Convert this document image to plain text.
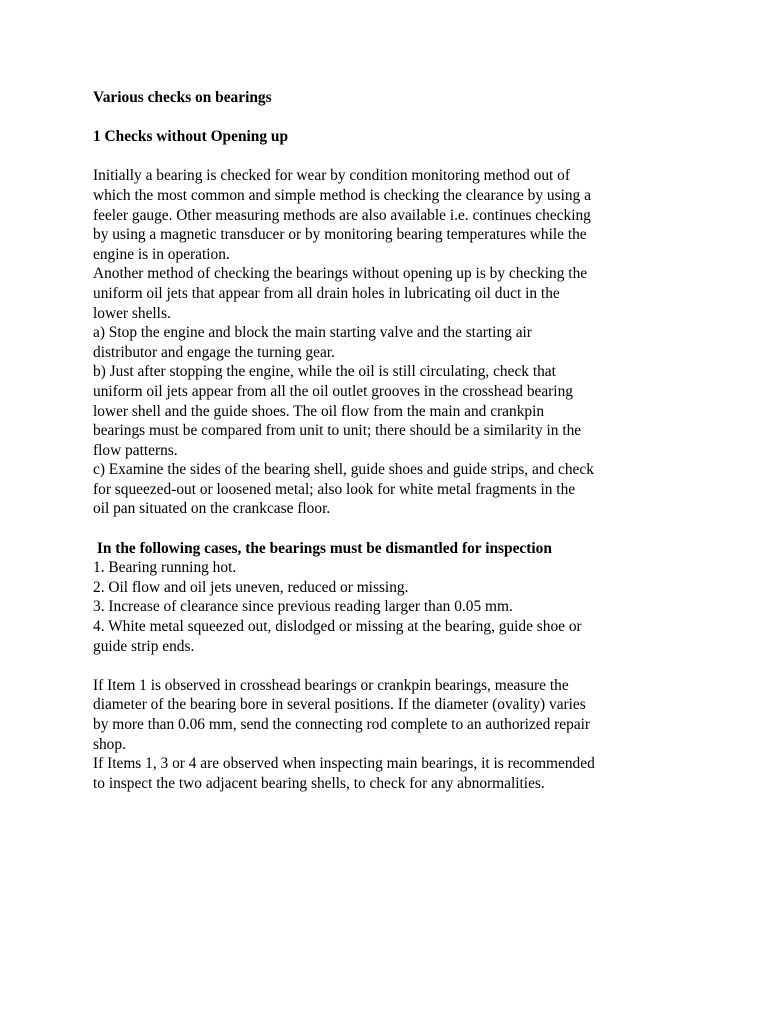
Various checks on bearings
1 Checks without Opening up
Initially a bearing is checked for wear by condition monitoring method out of
which the most common and simple method is checking the clearance by using a
feeler gauge. Other measuring methods are also available i.e. continues checking
by using a magnetic transducer or by monitoring bearing temperatures while the
engine is in operation.
Another method of checking the bearings without opening up is by checking the
uniform oil jets that appear from all drain holes in lubricating oil duct in the
lower shells.
a) Stop the engine and block the main starting valve and the starting air
distributor and engage the turning gear.
b) Just after stopping the engine, while the oil is still circulating, check that
uniform oil jets appear from all the oil outlet grooves in the crosshead bearing
lower shell and the guide shoes. The oil flow from the main and crankpin
bearings must be compared from unit to unit; there should be a similarity in the
flow patterns.
c) Examine the sides of the bearing shell, guide shoes and guide strips, and check
for squeezed-out or loosened metal; also look for white metal fragments in the
oil pan situated on the crankcase floor.
In the following cases, the bearings must be dismantled for inspection
1. Bearing running hot.
2. Oil flow and oil jets uneven, reduced or missing.
3. Increase of clearance since previous reading larger than 0.05 mm.
4. White metal squeezed out, dislodged or missing at the bearing, guide shoe or
guide strip ends.
If Item 1 is observed in crosshead bearings or crankpin bearings, measure the
diameter of the bearing bore in several positions. If the diameter (ovality) varies
by more than 0.06 mm, send the connecting rod complete to an authorized repair
shop.
If Items 1, 3 or 4 are observed when inspecting main bearings, it is recommended
to inspect the two adjacent bearing shells, to check for any abnormalities.
